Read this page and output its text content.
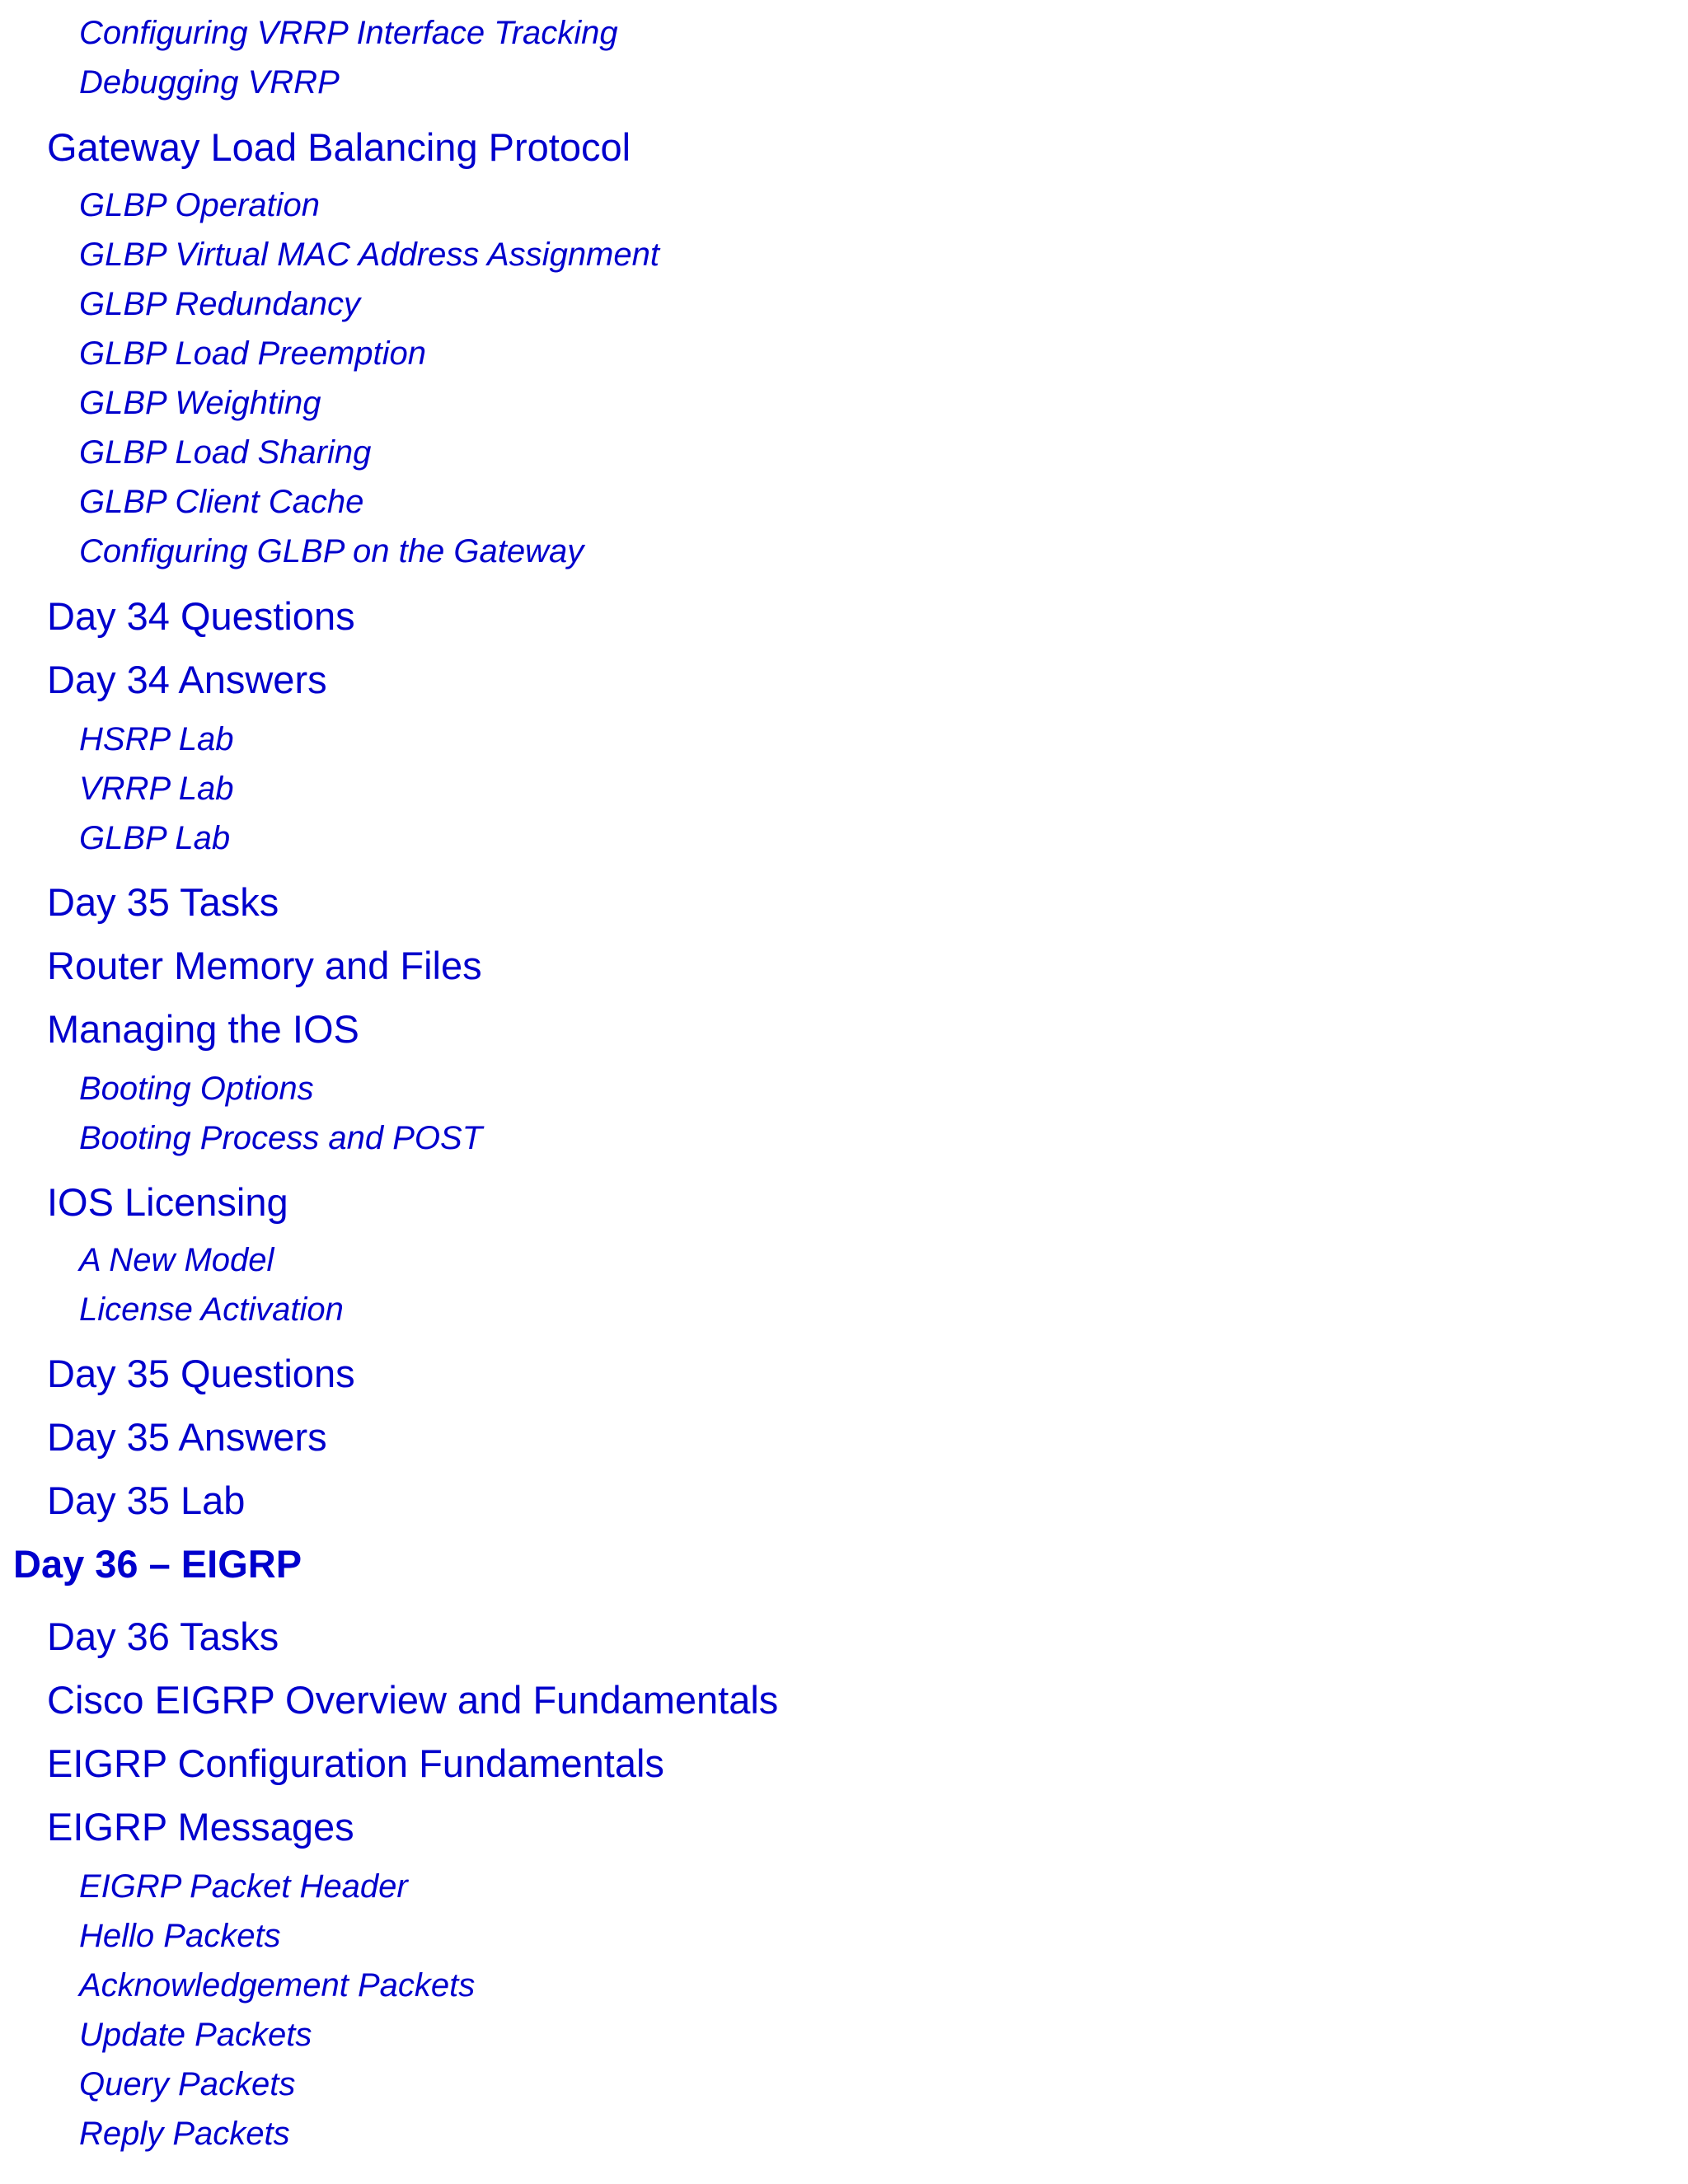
Configuring VRRP Interface Tracking
Debugging VRRP
Gateway Load Balancing Protocol
GLBP Operation
GLBP Virtual MAC Address Assignment
GLBP Redundancy
GLBP Load Preemption
GLBP Weighting
GLBP Load Sharing
GLBP Client Cache
Configuring GLBP on the Gateway
Day 34 Questions
Day 34 Answers
HSRP Lab
VRRP Lab
GLBP Lab
Day 35 Tasks
Router Memory and Files
Managing the IOS
Booting Options
Booting Process and POST
IOS Licensing
A New Model
License Activation
Day 35 Questions
Day 35 Answers
Day 35 Lab
Day 36 – EIGRP
Day 36 Tasks
Cisco EIGRP Overview and Fundamentals
EIGRP Configuration Fundamentals
EIGRP Messages
EIGRP Packet Header
Hello Packets
Acknowledgement Packets
Update Packets
Query Packets
Reply Packets
